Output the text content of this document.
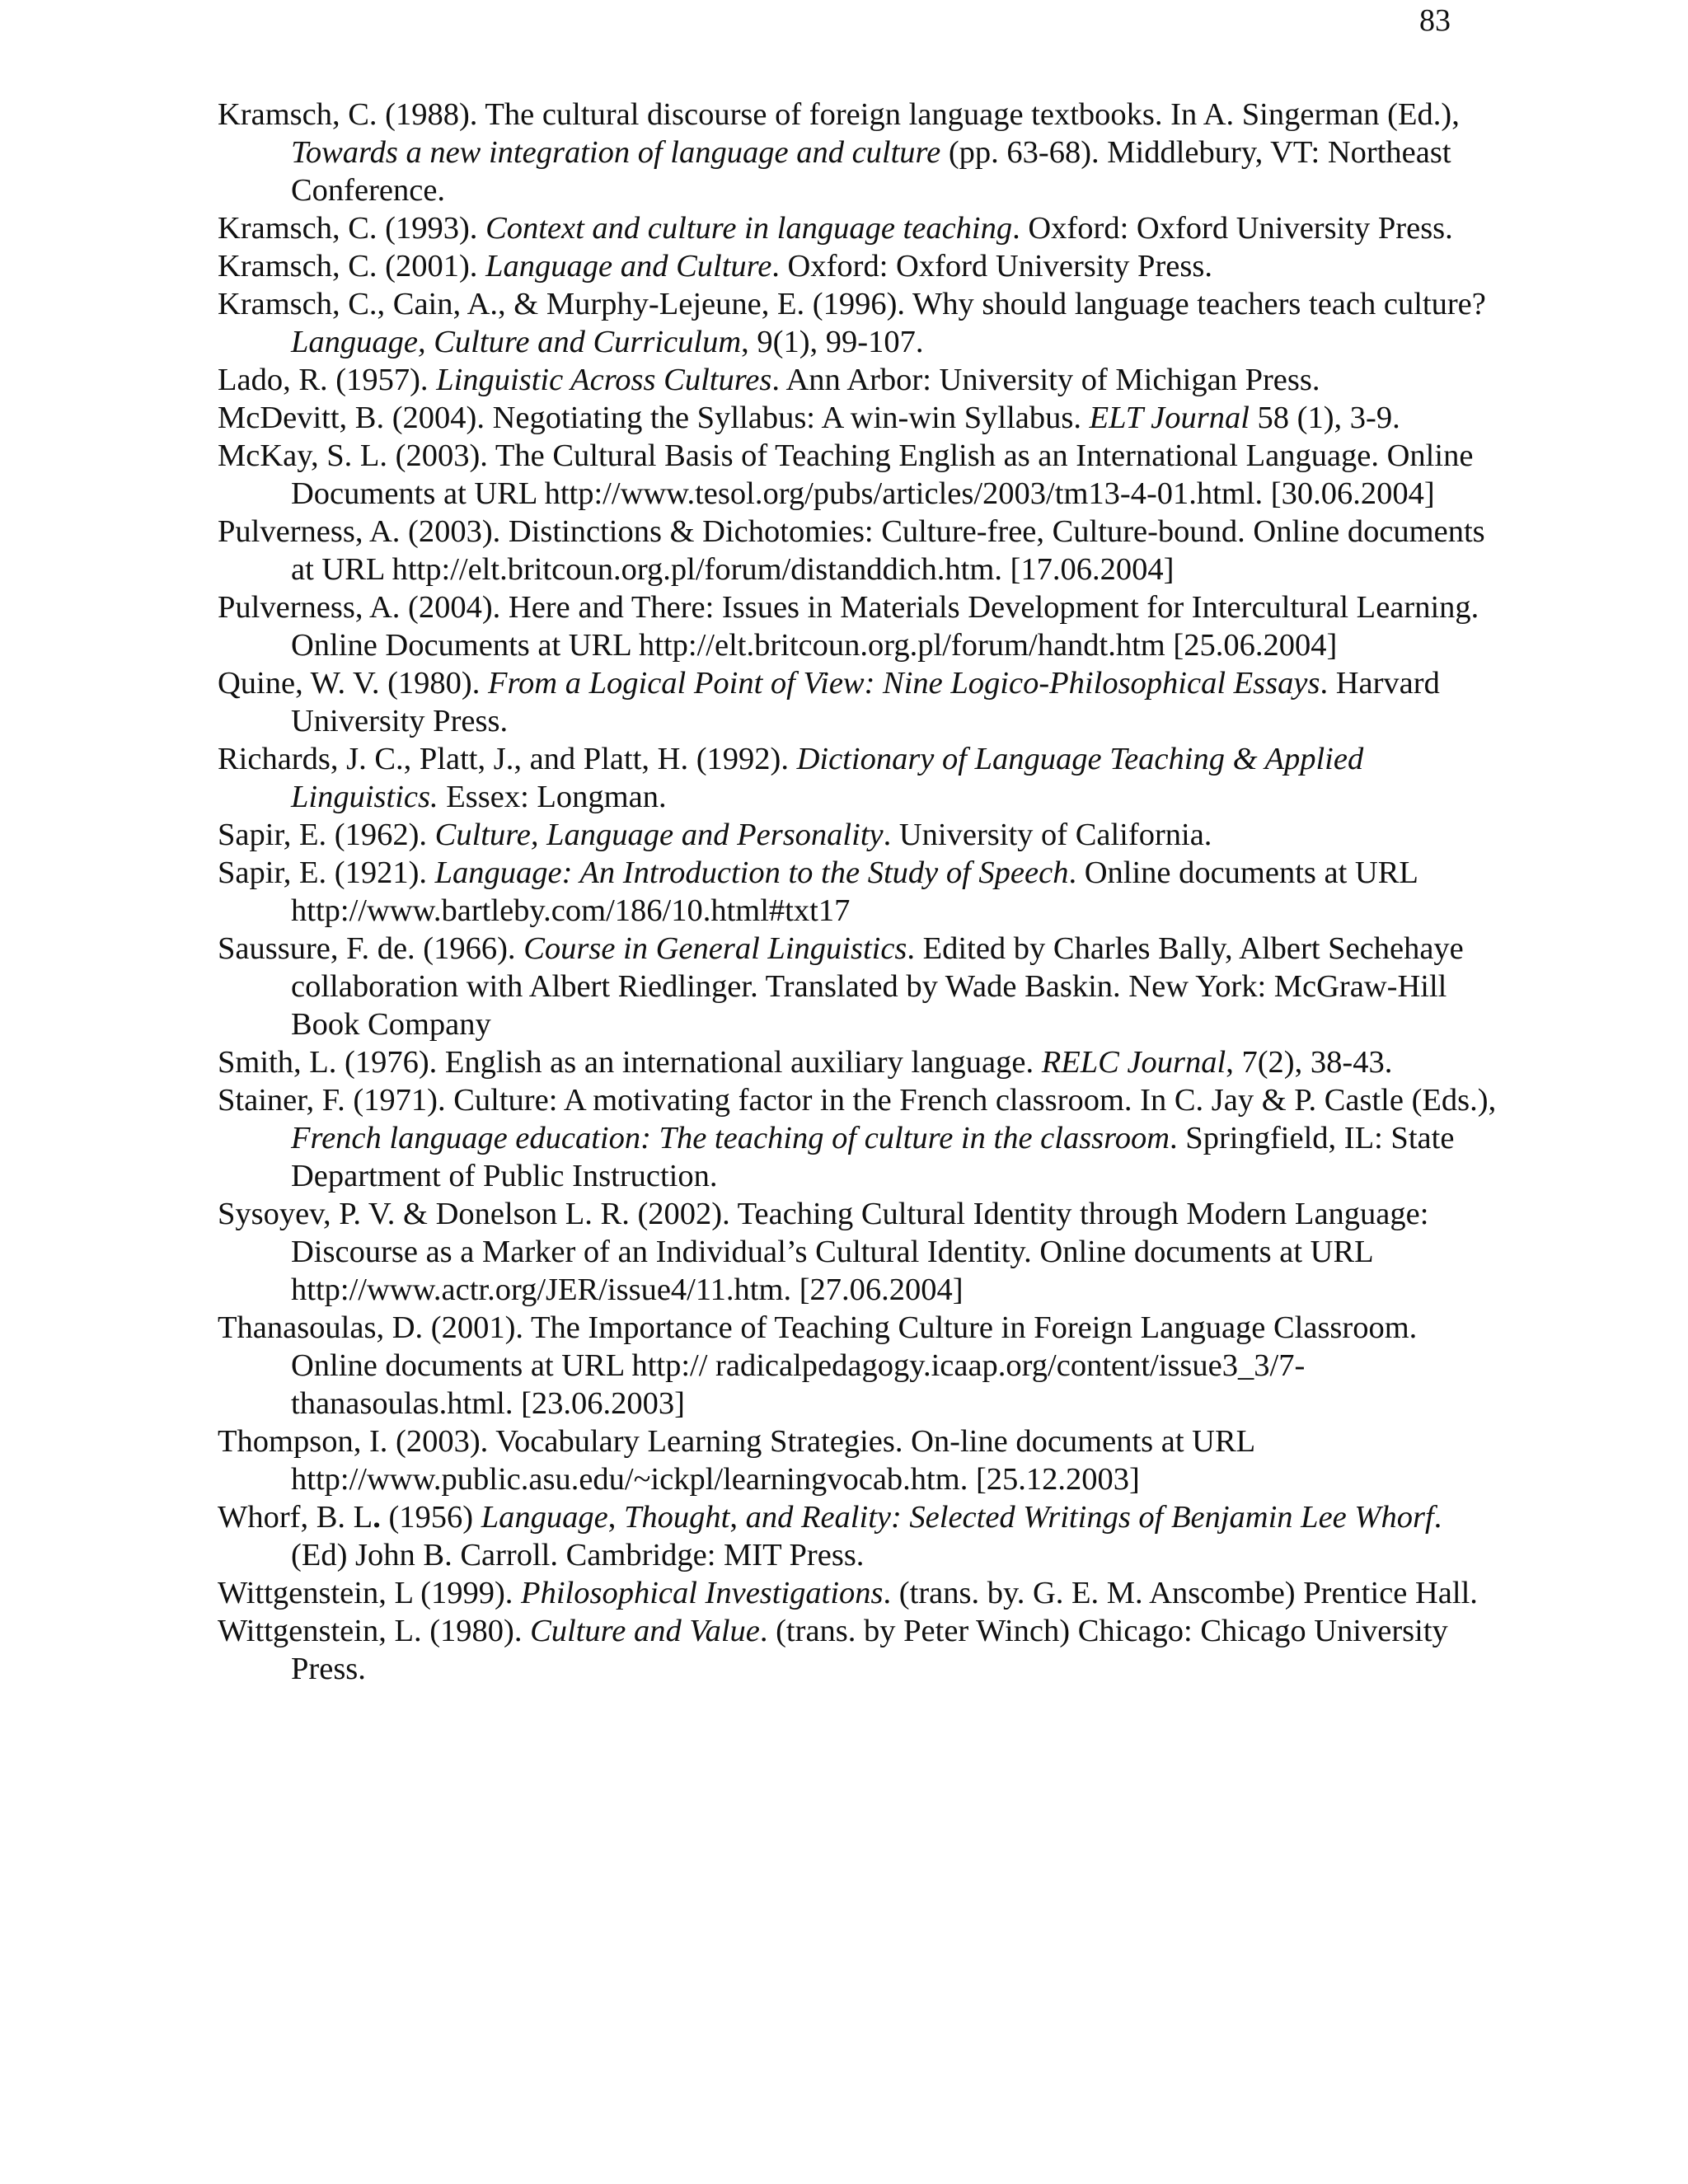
83

Kramsch, C. (1988). The cultural discourse of foreign language textbooks. In A. Singerman (Ed.), Towards a new integration of language and culture (pp. 63-68). Middlebury, VT: Northeast Conference.

Kramsch, C. (1993). Context and culture in language teaching. Oxford: Oxford University Press.

Kramsch, C. (2001). Language and Culture. Oxford: Oxford University Press.

Kramsch, C., Cain, A., & Murphy-Lejeune, E. (1996). Why should language teachers teach culture? Language, Culture and Curriculum, 9(1), 99-107.

Lado, R. (1957). Linguistic Across Cultures. Ann Arbor: University of Michigan Press.

McDevitt, B. (2004). Negotiating the Syllabus: A win-win Syllabus. ELT Journal 58 (1), 3-9.

McKay, S. L. (2003). The Cultural Basis of Teaching English as an International Language. Online Documents at URL http://www.tesol.org/pubs/articles/2003/tm13-4-01.html. [30.06.2004]

Pulverness, A. (2003). Distinctions & Dichotomies: Culture-free, Culture-bound. Online documents at URL http://elt.britcoun.org.pl/forum/distanddich.htm. [17.06.2004]

Pulverness, A. (2004). Here and There: Issues in Materials Development for Intercultural Learning. Online Documents at URL http://elt.britcoun.org.pl/forum/handt.htm [25.06.2004]

Quine, W. V. (1980). From a Logical Point of View: Nine Logico-Philosophical Essays. Harvard University Press.

Richards, J. C., Platt, J., and Platt, H. (1992). Dictionary of Language Teaching & Applied Linguistics. Essex: Longman.

Sapir, E. (1962). Culture, Language and Personality. University of California.

Sapir, E. (1921). Language: An Introduction to the Study of Speech. Online documents at URL http://www.bartleby.com/186/10.html#txt17

Saussure, F. de. (1966). Course in General Linguistics. Edited by Charles Bally, Albert Sechehaye collaboration with Albert Riedlinger. Translated by Wade Baskin. New York: McGraw-Hill Book Company

Smith, L. (1976). English as an international auxiliary language. RELC Journal, 7(2), 38-43.

Stainer, F. (1971). Culture: A motivating factor in the French classroom. In C. Jay & P. Castle (Eds.), French language education: The teaching of culture in the classroom. Springfield, IL: State Department of Public Instruction.

Sysoyev, P. V. & Donelson L. R. (2002). Teaching Cultural Identity through Modern Language: Discourse as a Marker of an Individual’s Cultural Identity. Online documents at URL http://www.actr.org/JER/issue4/11.htm. [27.06.2004]

Thanasoulas, D. (2001). The Importance of Teaching Culture in Foreign Language Classroom. Online documents at URL http:// radicalpedagogy.icaap.org/content/issue3_3/7-thanasoulas.html. [23.06.2003]

Thompson, I. (2003). Vocabulary Learning Strategies. On-line documents at URL http://www.public.asu.edu/~ickpl/learningvocab.htm. [25.12.2003]

Whorf, B. L. (1956) Language, Thought, and Reality: Selected Writings of Benjamin Lee Whorf. (Ed) John B. Carroll. Cambridge: MIT Press.

Wittgenstein, L (1999). Philosophical Investigations. (trans. by. G. E. M. Anscombe) Prentice Hall.

Wittgenstein, L. (1980). Culture and Value. (trans. by Peter Winch) Chicago: Chicago University Press.
